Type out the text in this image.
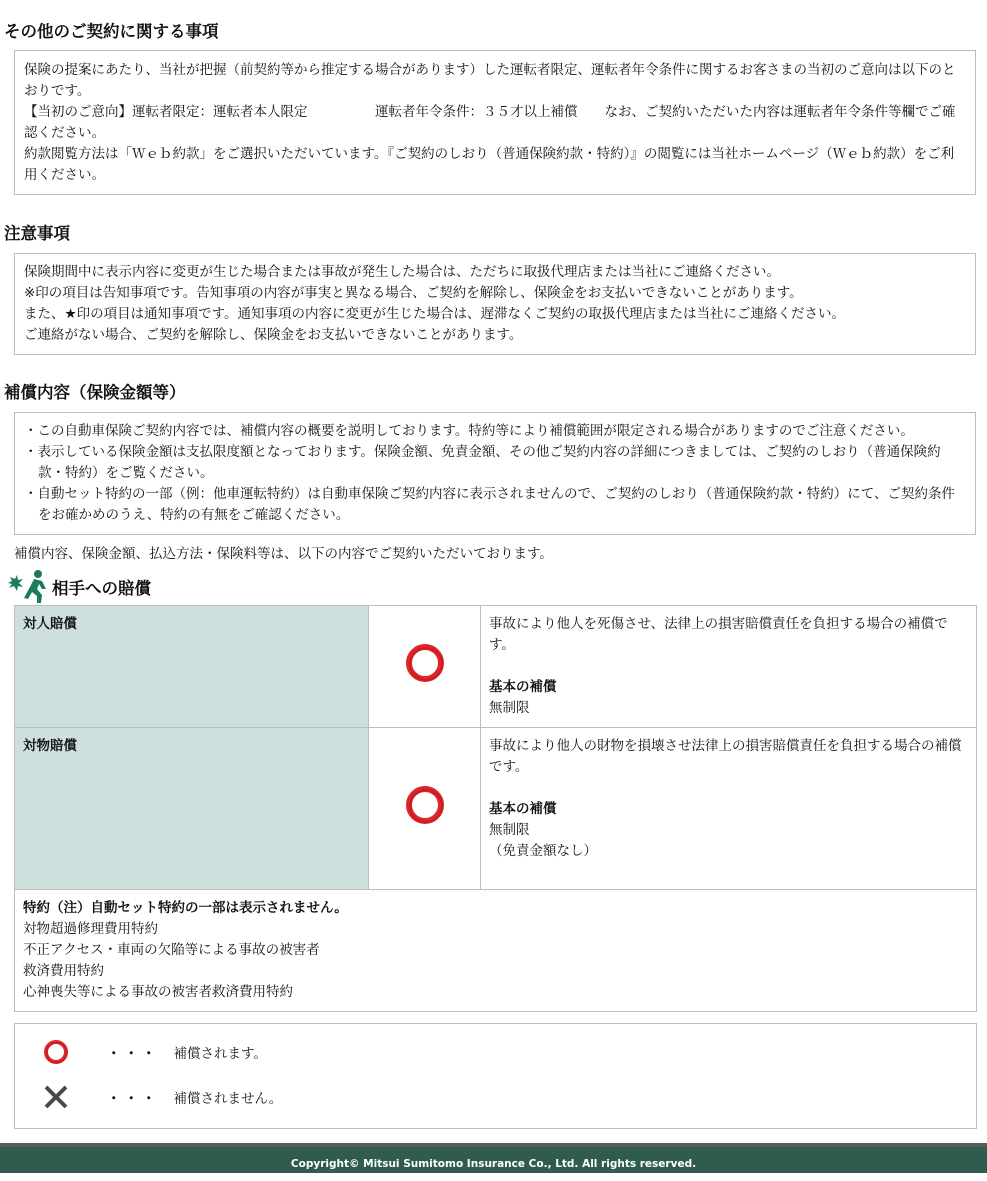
その他のご契約に関する事項
保険の提案にあたり、当社が把握（前契約等から推定する場合があります）した運転者限定、運転者年令条件に関するお客さまの当初のご意向は以下のとおりです。
【当初のご意向】運転者限定：運転者本人限定　　　　　運転者年令条件：３５才以上補償　　なお、ご契約いただいた内容は運転者年令条件等欄でご確認ください。
約款閲覧方法は「Ｗｅｂ約款」をご選択いただいています。『ご契約のしおり（普通保険約款・特約）』の閲覧には当社ホームページ（Ｗｅｂ約款）をご利用ください。
注意事項
保険期間中に表示内容に変更が生じた場合または事故が発生した場合は、ただちに取扱代理店または当社にご連絡ください。
※印の項目は告知事項です。告知事項の内容が事実と異なる場合、ご契約を解除し、保険金をお支払いできないことがあります。
また、★印の項目は通知事項です。通知事項の内容に変更が生じた場合は、遅滞なくご契約の取扱代理店または当社にご連絡ください。
ご連絡がない場合、ご契約を解除し、保険金をお支払いできないことがあります。
補償内容（保険金額等）
・この自動車保険ご契約内容では、補償内容の概要を説明しております。特約等により補償範囲が限定される場合がありますのでご注意ください。
・表示している保険金額は支払限度額となっております。保険金額、免責金額、その他ご契約内容の詳細につきましては、ご契約のしおり（普通保険約款・特約）をご覧ください。
・自動セット特約の一部（例：他車運転特約）は自動車保険ご契約内容に表示されませんので、ご契約のしおり（普通保険約款・特約）にて、ご契約条件をお確かめのうえ、特約の有無をご確認ください。
補償内容、保険金額、払込方法・保険料等は、以下の内容でご契約いただいております。
相手への賠償
対人賠償		事故により他人を死傷させ、法律上の損害賠償責任を負担する場合の補償です。
基本の補償
無制限

対物賠償		事故により他人の財物を損壊させ法律上の損害賠償責任を負担する場合の補償です。
基本の補償
無制限
（免責金額なし）

特約（注）自動セット特約の一部は表示されません。
対物超過修理費用特約
不正アクセス・車両の欠陥等による事故の被害者
救済費用特約
心神喪失等による事故の被害者救済費用特約		
・・・ 補償されます。
・・・ 補償されません。
Copyright© Mitsui Sumitomo Insurance Co., Ltd. All rights reserved.
